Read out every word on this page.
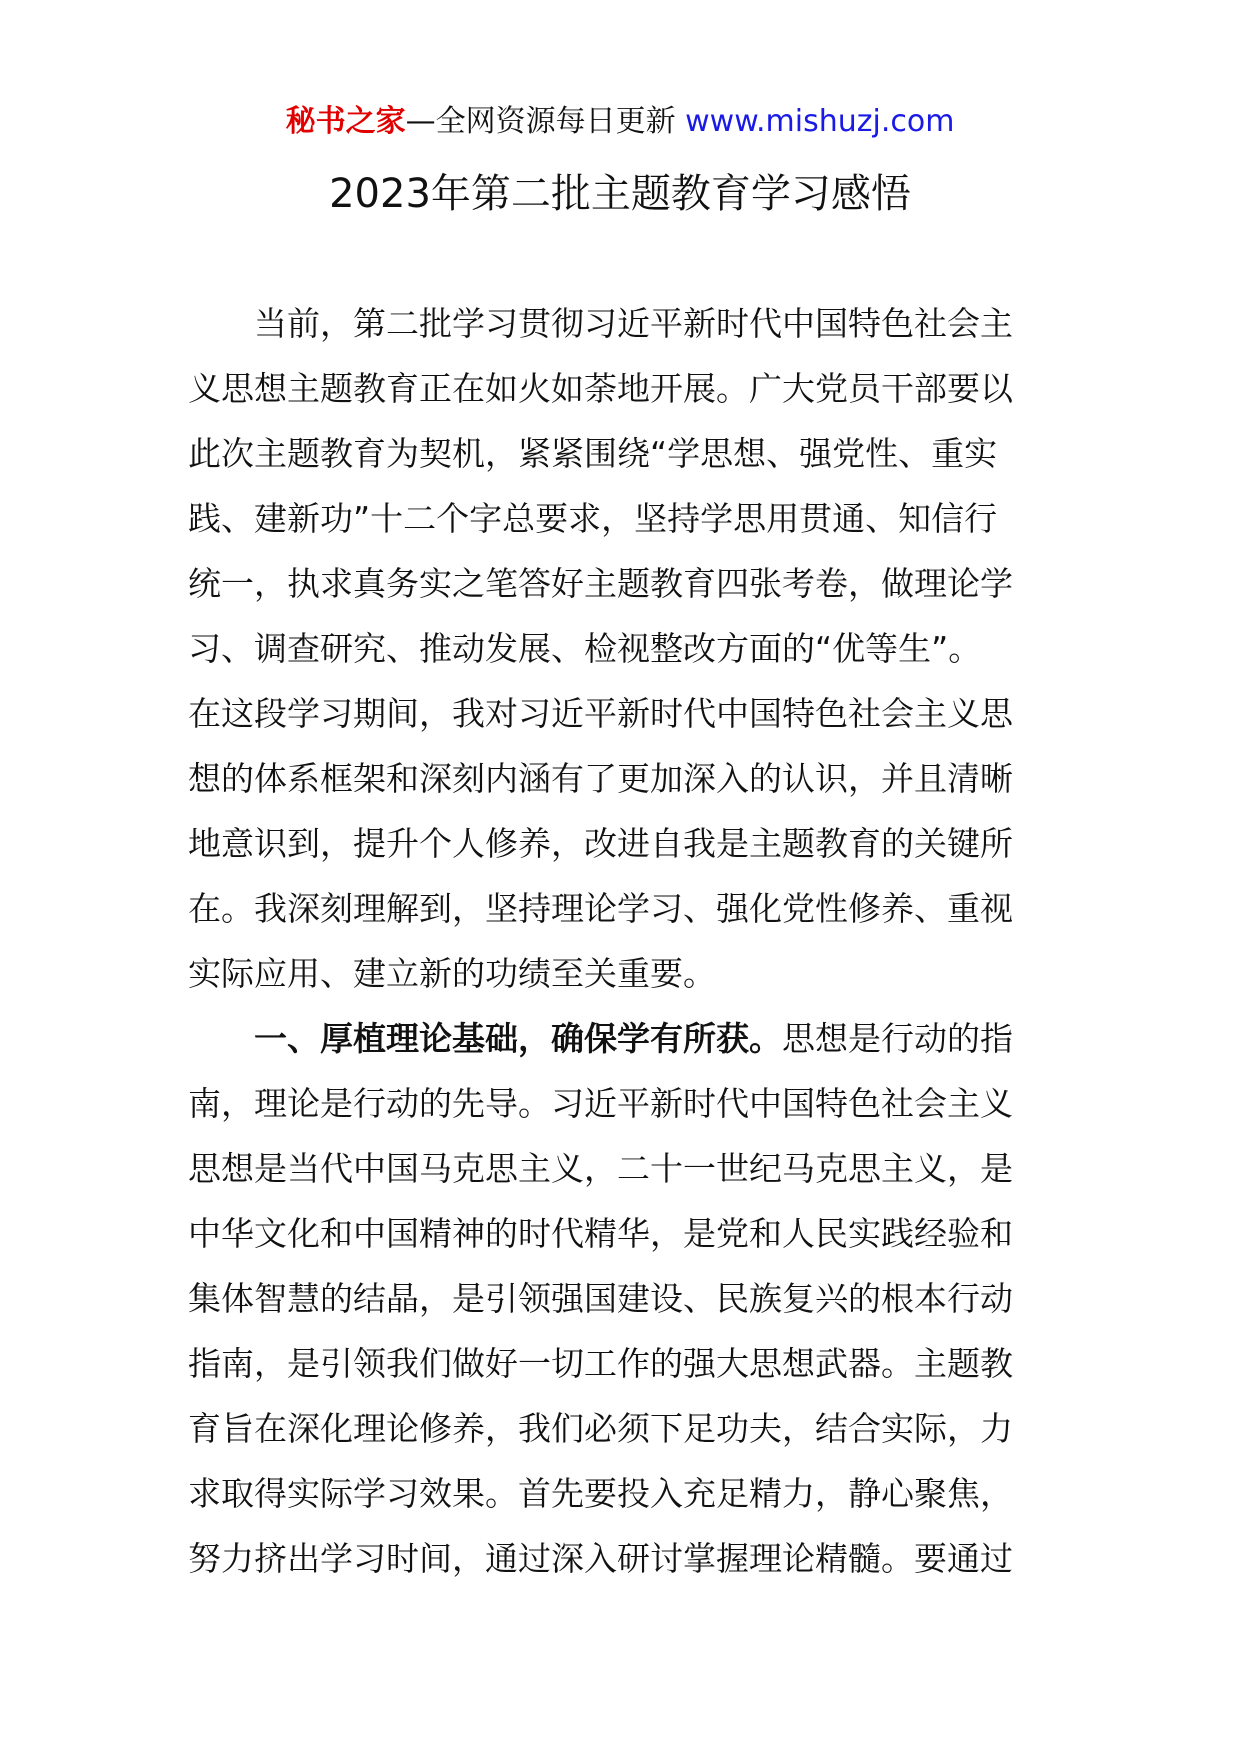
秘书之家—全网资源每日更新 www.mishuzj.com
2023年第二批主题教育学习感悟
当前，第二批学习贯彻习近平新时代中国特色社会主
义思想主题教育正在如火如荼地开展。广大党员干部要以
此次主题教育为契机，紧紧围绕“学思想、强党性、重实
践、建新功”十二个字总要求，坚持学思用贯通、知信行
统一，执求真务实之笔答好主题教育四张考卷，做理论学
习、调查研究、推动发展、检视整改方面的“优等生”。
在这段学习期间，我对习近平新时代中国特色社会主义思
想的体系框架和深刻内涵有了更加深入的认识，并且清晰
地意识到，提升个人修养，改进自我是主题教育的关键所
在。我深刻理解到，坚持理论学习、强化党性修养、重视
实际应用、建立新的功绩至关重要。
一、厚植理论基础，确保学有所获。思想是行动的指
南，理论是行动的先导。习近平新时代中国特色社会主义
思想是当代中国马克思主义，二十一世纪马克思主义，是
中华文化和中国精神的时代精华，是党和人民实践经验和
集体智慧的结晶，是引领强国建设、民族复兴的根本行动
指南，是引领我们做好一切工作的强大思想武器。主题教
育旨在深化理论修养，我们必须下足功夫，结合实际，力
求取得实际学习效果。首先要投入充足精力，静心聚焦，
努力挤出学习时间，通过深入研讨掌握理论精髓。要通过
